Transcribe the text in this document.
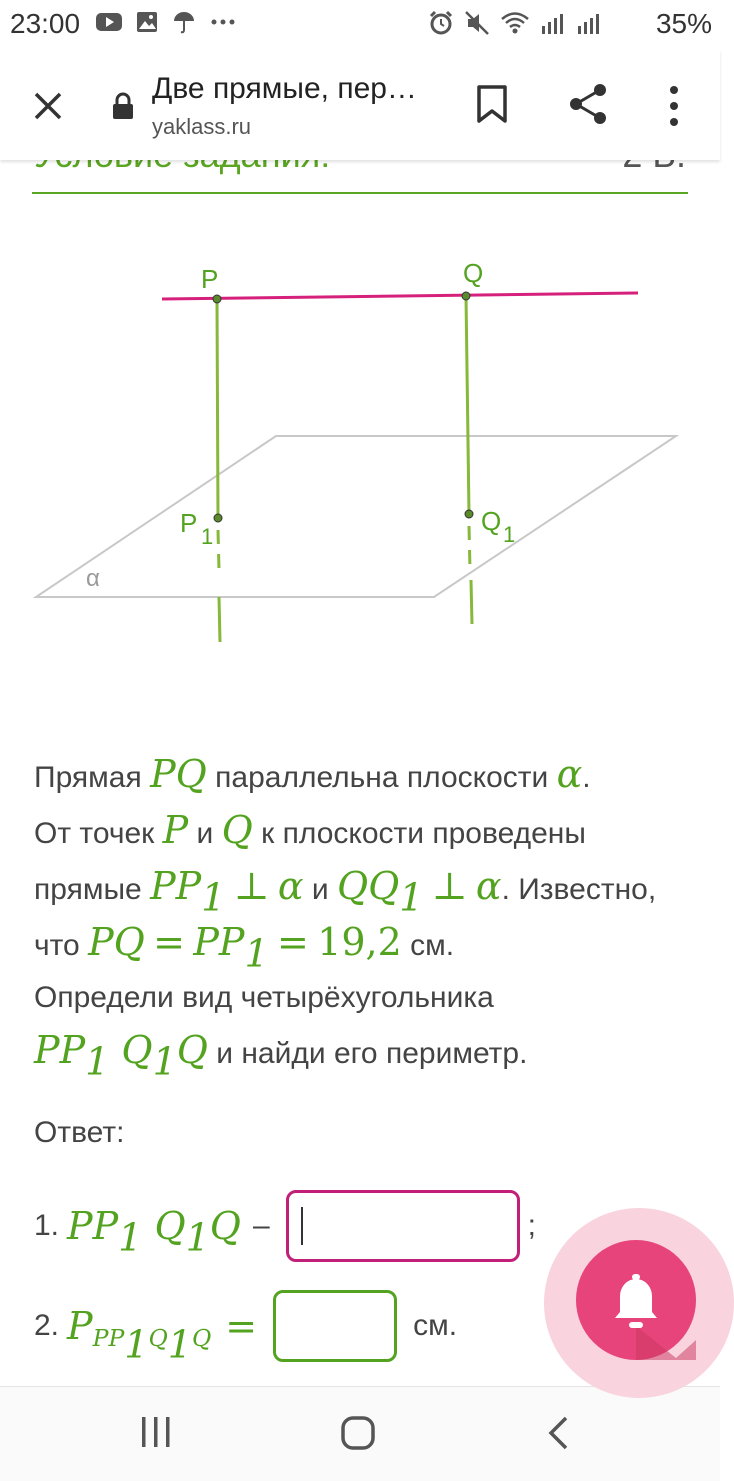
23:00	35%
Две прямые, пер…
yaklass.ru
P	Q
P 1
Q 1
α
Прямая PQ параллельна плоскости α.
От точек P и Q к плоскости проведены
прямые $PP_1$ ⊥ α и $QQ_1$ ⊥ α. Известно,
что PQ = $PP_1 = 19,2$ см.
Определи вид четырёхугольника
$PP_1$ $Q_1Q$ и найди его периметр.
Ответ:
1. $PP_1$ $Q_1Q$ –	;
2. $P_{PP_1Q_1Q}$ =	см.
